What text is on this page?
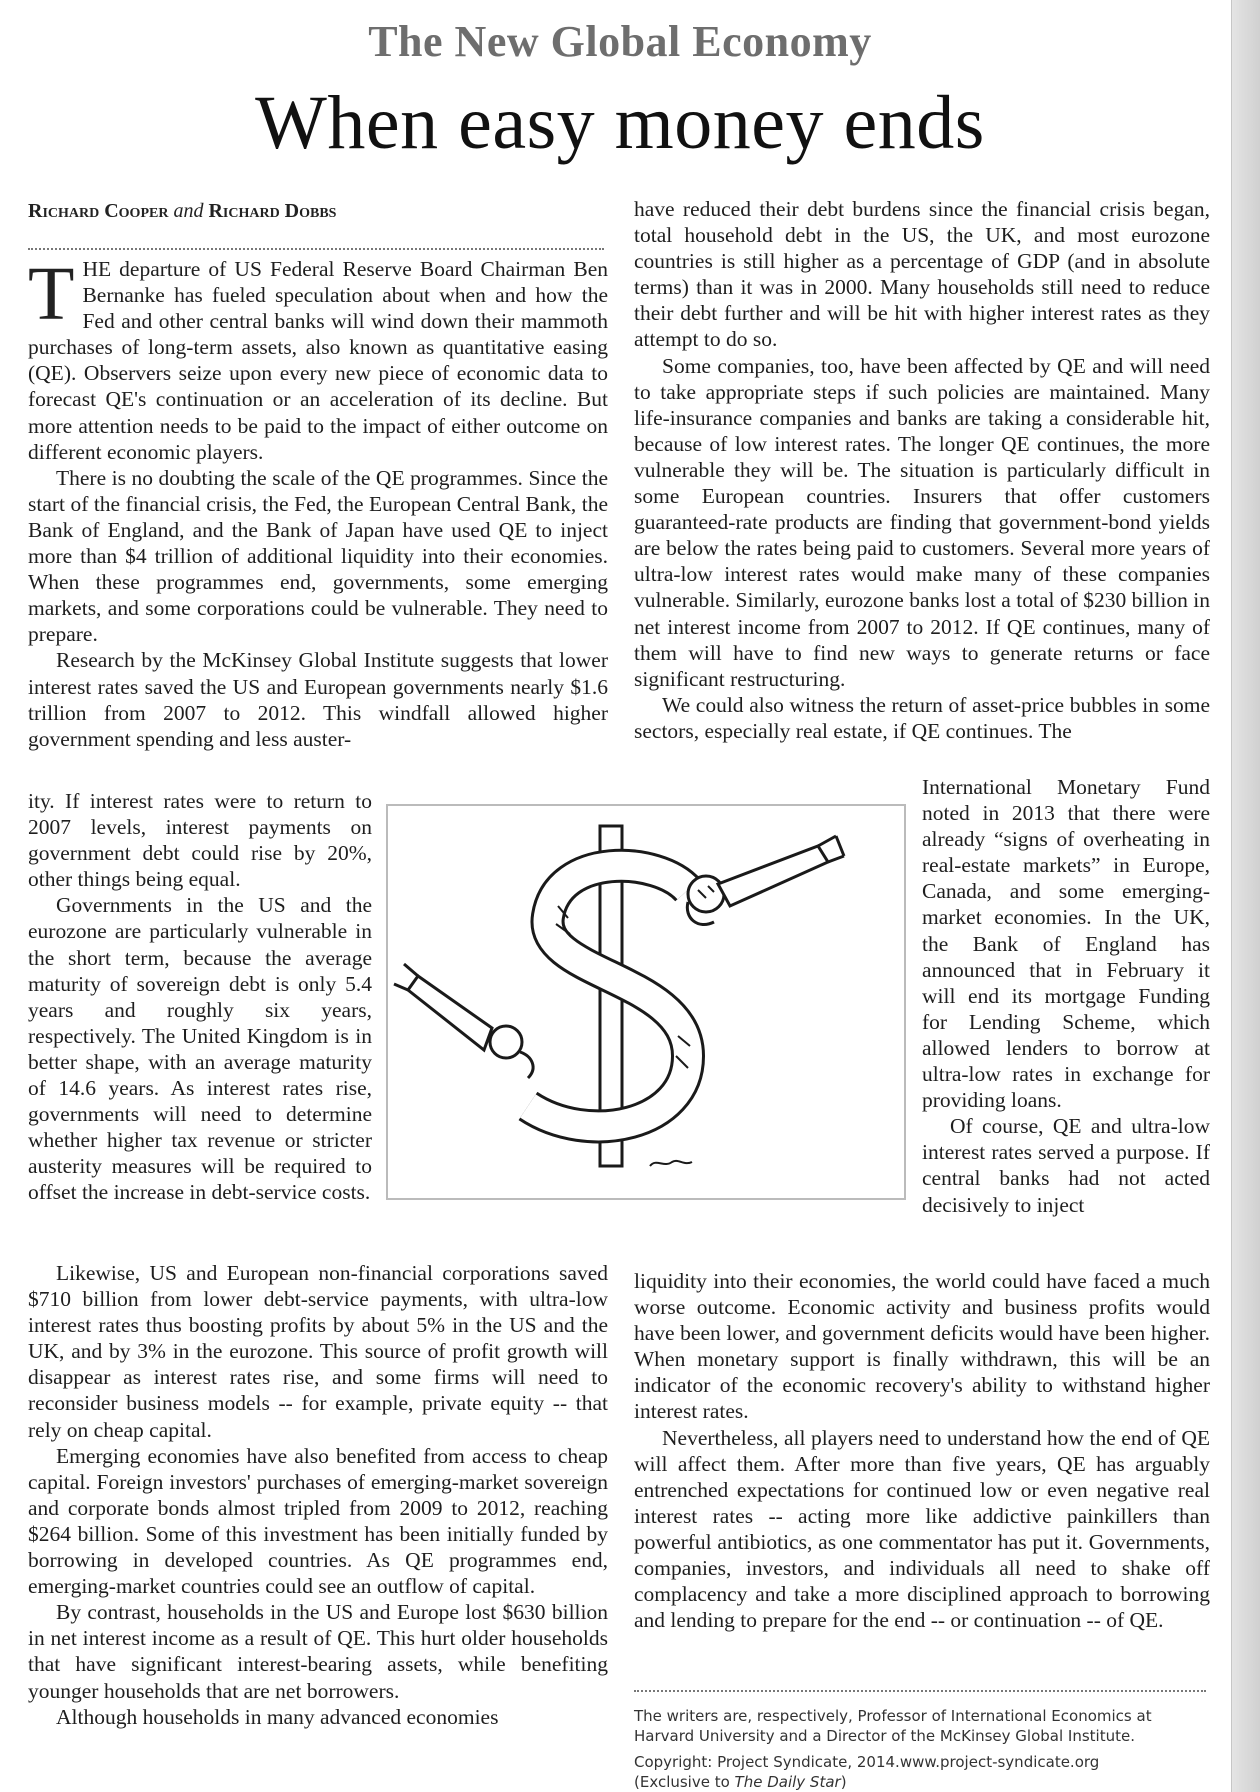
The New Global Economy
When easy money ends
Richard Cooper and Richard Dobbs

THE departure of US Federal Reserve Board Chairman Ben Bernanke has fueled speculation about when and how the Fed and other central banks will wind down their mammoth purchases of long-term assets, also known as quantitative easing (QE). Observers seize upon every new piece of economic data to forecast QE's continuation or an acceleration of its decline. But more attention needs to be paid to the impact of either outcome on different economic players.

There is no doubting the scale of the QE programmes. Since the start of the financial crisis, the Fed, the European Central Bank, the Bank of England, and the Bank of Japan have used QE to inject more than $4 trillion of additional liquidity into their economies. When these programmes end, governments, some emerging markets, and some corporations could be vulnerable. They need to prepare.

Research by the McKinsey Global Institute suggests that lower interest rates saved the US and European governments nearly $1.6 trillion from 2007 to 2012. This windfall allowed higher government spending and less auster-

ity. If interest rates were to return to 2007 levels, interest payments on government debt could rise by 20%, other things being equal.

Governments in the US and the eurozone are particularly vulnerable in the short term, because the average maturity of sovereign debt is only 5.4 years and roughly six years, respectively. The United Kingdom is in better shape, with an average maturity of 14.6 years. As interest rates rise, governments will need to determine whether higher tax revenue or stricter austerity measures will be required to offset the increase in debt-service costs.

Likewise, US and European non-financial corporations saved $710 billion from lower debt-service payments, with ultra-low interest rates thus boosting profits by about 5% in the US and the UK, and by 3% in the eurozone. This source of profit growth will disappear as interest rates rise, and some firms will need to reconsider business models -- for example, private equity -- that rely on cheap capital.

Emerging economies have also benefited from access to cheap capital. Foreign investors' purchases of emerging-market sovereign and corporate bonds almost tripled from 2009 to 2012, reaching $264 billion. Some of this investment has been initially funded by borrowing in developed countries. As QE programmes end, emerging-market countries could see an outflow of capital.

By contrast, households in the US and Europe lost $630 billion in net interest income as a result of QE. This hurt older households that have significant interest-bearing assets, while benefiting younger households that are net borrowers.

Although households in many advanced economies

have reduced their debt burdens since the financial crisis began, total household debt in the US, the UK, and most eurozone countries is still higher as a percentage of GDP (and in absolute terms) than it was in 2000. Many households still need to reduce their debt further and will be hit with higher interest rates as they attempt to do so.

Some companies, too, have been affected by QE and will need to take appropriate steps if such policies are maintained. Many life-insurance companies and banks are taking a considerable hit, because of low interest rates. The longer QE continues, the more vulnerable they will be. The situation is particularly difficult in some European countries. Insurers that offer customers guaranteed-rate products are finding that government-bond yields are below the rates being paid to customers. Several more years of ultra-low interest rates would make many of these companies vulnerable. Similarly, eurozone banks lost a total of $230 billion in net interest income from 2007 to 2012. If QE continues, many of them will have to find new ways to generate returns or face significant restructuring.

We could also witness the return of asset-price bubbles in some sectors, especially real estate, if QE continues. The

International Monetary Fund noted in 2013 that there were already “signs of overheating in real-estate markets” in Europe, Canada, and some emerging-market economies. In the UK, the Bank of England has announced that in February it will end its mortgage Funding for Lending Scheme, which allowed lenders to borrow at ultra-low rates in exchange for providing loans.

Of course, QE and ultra-low interest rates served a purpose. If central banks had not acted decisively to inject

liquidity into their economies, the world could have faced a much worse outcome. Economic activity and business profits would have been lower, and government deficits would have been higher. When monetary support is finally withdrawn, this will be an indicator of the economic recovery's ability to withstand higher interest rates.

Nevertheless, all players need to understand how the end of QE will affect them. After more than five years, QE has arguably entrenched expectations for continued low or even negative real interest rates -- acting more like addictive painkillers than powerful antibiotics, as one commentator has put it. Governments, companies, investors, and individuals all need to shake off complacency and take a more disciplined approach to borrowing and lending to prepare for the end -- or continuation -- of QE.

The writers are, respectively, Professor of International Economics at Harvard University and a Director of the McKinsey Global Institute.
Copyright: Project Syndicate, 2014.www.project-syndicate.org
(Exclusive to The Daily Star)
